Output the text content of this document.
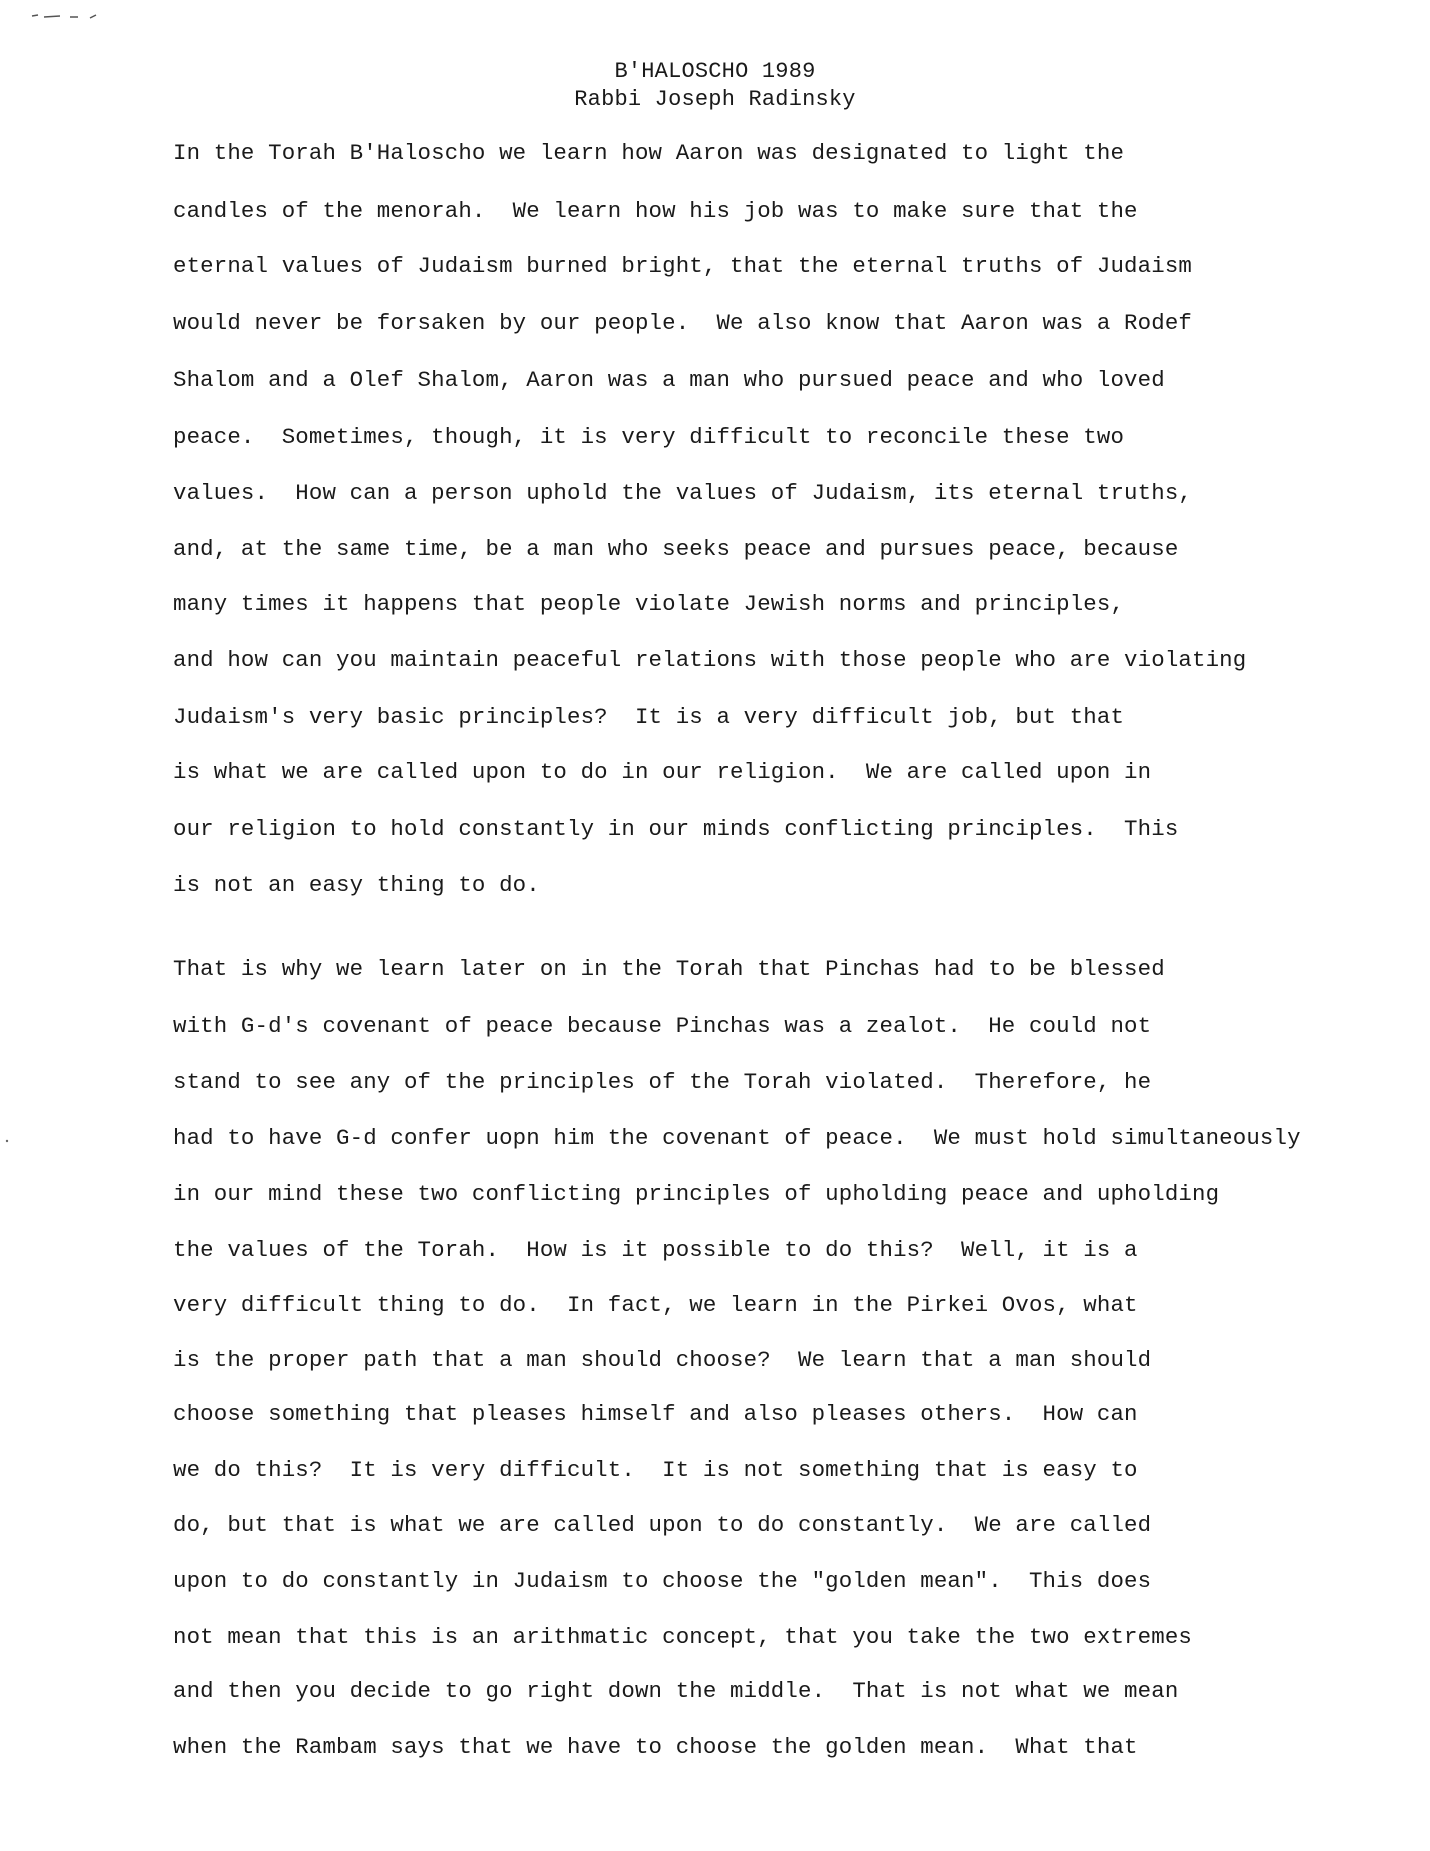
B'HALOSCHO 1989
Rabbi Joseph Radinsky
In the Torah B'Haloscho we learn how Aaron was designated to light the
candles of the menorah.  We learn how his job was to make sure that the
eternal values of Judaism burned bright, that the eternal truths of Judaism
would never be forsaken by our people.  We also know that Aaron was a Rodef
Shalom and a Olef Shalom, Aaron was a man who pursued peace and who loved
peace.  Sometimes, though, it is very difficult to reconcile these two
values.  How can a person uphold the values of Judaism, its eternal truths,
and, at the same time, be a man who seeks peace and pursues peace, because
many times it happens that people violate Jewish norms and principles,
and how can you maintain peaceful relations with those people who are violating
Judaism's very basic principles?  It is a very difficult job, but that
is what we are called upon to do in our religion.  We are called upon in
our religion to hold constantly in our minds conflicting principles.  This
is not an easy thing to do.
That is why we learn later on in the Torah that Pinchas had to be blessed
with G-d's covenant of peace because Pinchas was a zealot.  He could not
stand to see any of the principles of the Torah violated.  Therefore, he
had to have G-d confer uopn him the covenant of peace.  We must hold simultaneously
in our mind these two conflicting principles of upholding peace and upholding
the values of the Torah.  How is it possible to do this?  Well, it is a
very difficult thing to do.  In fact, we learn in the Pirkei Ovos, what
is the proper path that a man should choose?  We learn that a man should
choose something that pleases himself and also pleases others.  How can
we do this?  It is very difficult.  It is not something that is easy to
do, but that is what we are called upon to do constantly.  We are called
upon to do constantly in Judaism to choose the "golden mean".  This does
not mean that this is an arithmatic concept, that you take the two extremes
and then you decide to go right down the middle.  That is not what we mean
when the Rambam says that we have to choose the golden mean.  What that
